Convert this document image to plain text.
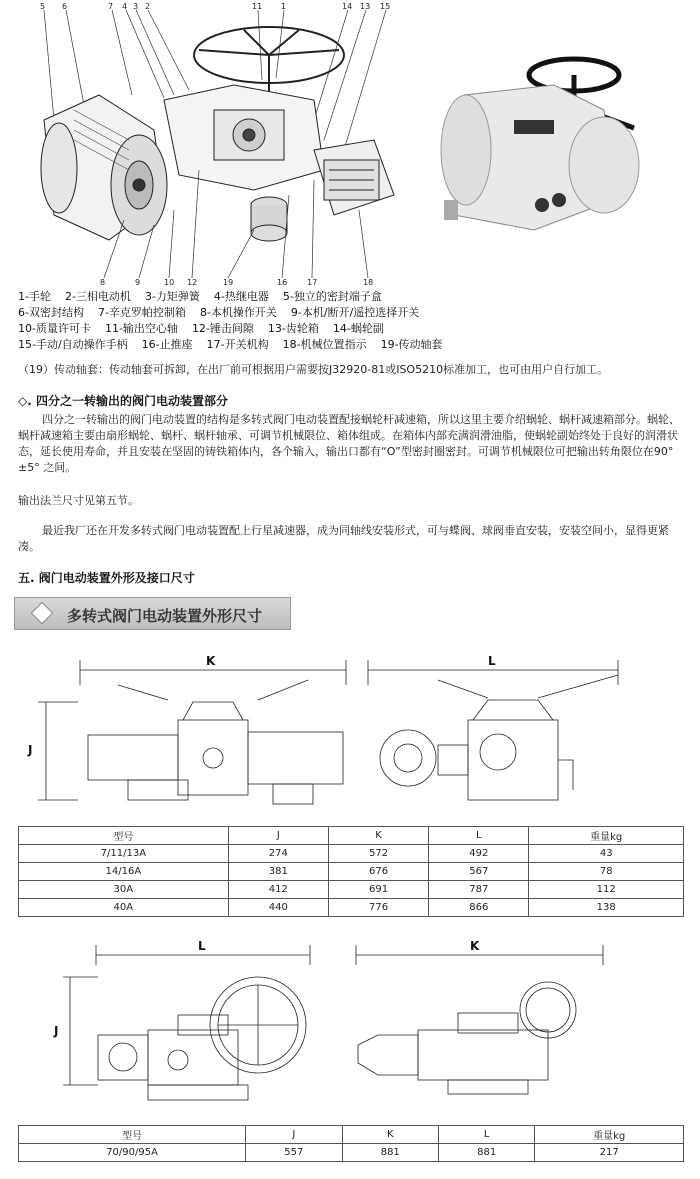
5 6	7 4 3 2	11 1	14 13 15
8	9	10 12	19	16 17	18
1-手轮 2-三相电动机 3-力矩弹簧 4-热继电器 5-独立的密封端子盒
6-双密封结构 7-辛克罗帕控制箱 8-本机操作开关 9-本机/断开/遥控选择开关
10-质量许可卡 11-输出空心轴 12-锤击间隙 13-齿轮箱 14-蜗轮副
15-手动/自动操作手柄 16-止推座 17-开关机构 18-机械位置指示 19-传动轴套
（19）传动轴套：传动轴套可拆卸，在出厂前可根据用户需要按J32920-81或ISO5210标准加工，也可由用户自行加工。
◇. 四分之一转输出的阀门电动装置部分
四分之一转输出的阀门电动装置的结构是多转式阀门电动装置配接蜗轮杆减速箱，所以这里主要介绍蜗轮、蜗杆减速箱部分。蜗轮、蜗杆减速箱主要由扇形蜗轮、蜗杆、蜗杆轴承、可调节机械限位、箱体组成。在箱体内部充满润滑油脂，使蜗轮副始终处于良好的润滑状态，延长使用寿命，并且安装在坚固的铸铁箱体内，各个输入，输出口都有“O”型密封圈密封。可调节机械限位可把输出转角限位在90° ±5° 之间。
输出法兰尺寸见第五节。
最近我厂还在开发多转式阀门电动装置配上行星减速器，成为同轴线安装形式，可与蝶阀、球阀垂直安装，安装空间小，显得更紧凑。
五. 阀门电动装置外形及接口尺寸
多转式阀门电动装置外形尺寸
K	L
J
型号	J	K	L	重量kg
7/11/13A	274	572	492	43
14/16A	381	676	567	78
30A	412	691	787	112
40A	440	776	866	138
L	K
J
型号	J	K	L	重量kg
70/90/95A	557	881	881	217
